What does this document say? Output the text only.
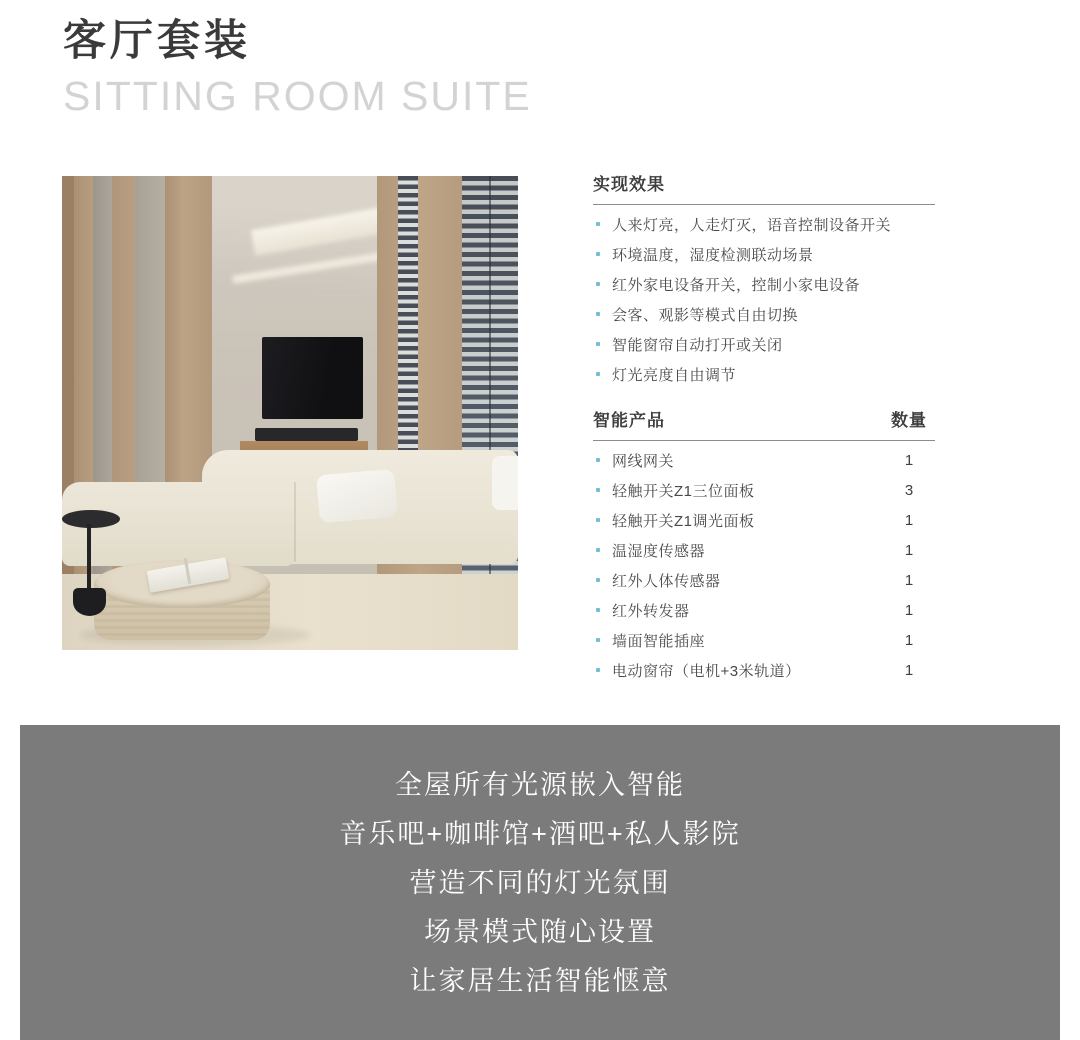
客厅套装
SITTING ROOM SUITE
实现效果
人来灯亮，人走灯灭，语音控制设备开关
环境温度，湿度检测联动场景
红外家电设备开关，控制小家电设备
会客、观影等模式自由切换
智能窗帘自动打开或关闭
灯光亮度自由调节
智能产品	数量
网线网关	1
轻触开关Z1三位面板	3
轻触开关Z1调光面板	1
温湿度传感器	1
红外人体传感器	1
红外转发器	1
墙面智能插座	1
电动窗帘（电机+3米轨道）	1
全屋所有光源嵌入智能
音乐吧+咖啡馆+酒吧+私人影院
营造不同的灯光氛围
场景模式随心设置
让家居生活智能惬意
